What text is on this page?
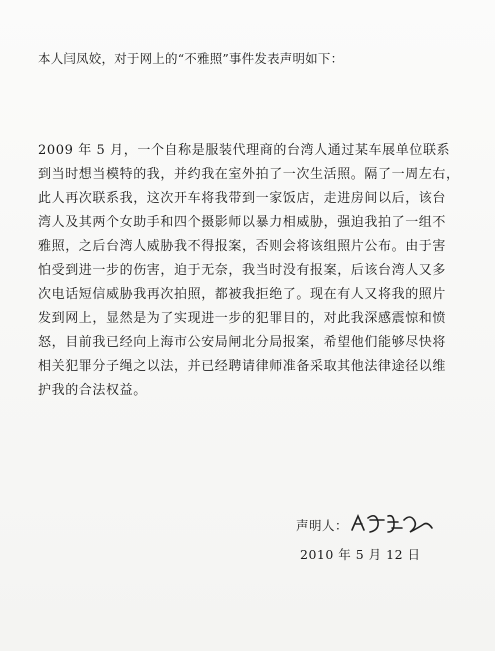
本人闫凤姣，对于网上的“不雅照”事件发表声明如下：
2009 年 5 月，一个自称是服装代理商的台湾人通过某车展单位联系
到当时想当模特的我，并约我在室外拍了一次生活照。隔了一周左右，
此人再次联系我，这次开车将我带到一家饭店，走进房间以后，该台
湾人及其两个女助手和四个摄影师以暴力相威胁，强迫我拍了一组不
雅照，之后台湾人威胁我不得报案，否则会将该组照片公布。由于害
怕受到进一步的伤害，迫于无奈，我当时没有报案，后该台湾人又多
次电话短信威胁我再次拍照，都被我拒绝了。现在有人又将我的照片
发到网上，显然是为了实现进一步的犯罪目的，对此我深感震惊和愤
怒，目前我已经向上海市公安局闸北分局报案，希望他们能够尽快将
相关犯罪分子绳之以法，并已经聘请律师准备采取其他法律途径以维
护我的合法权益。
声明人：
2010 年 5 月 12 日
